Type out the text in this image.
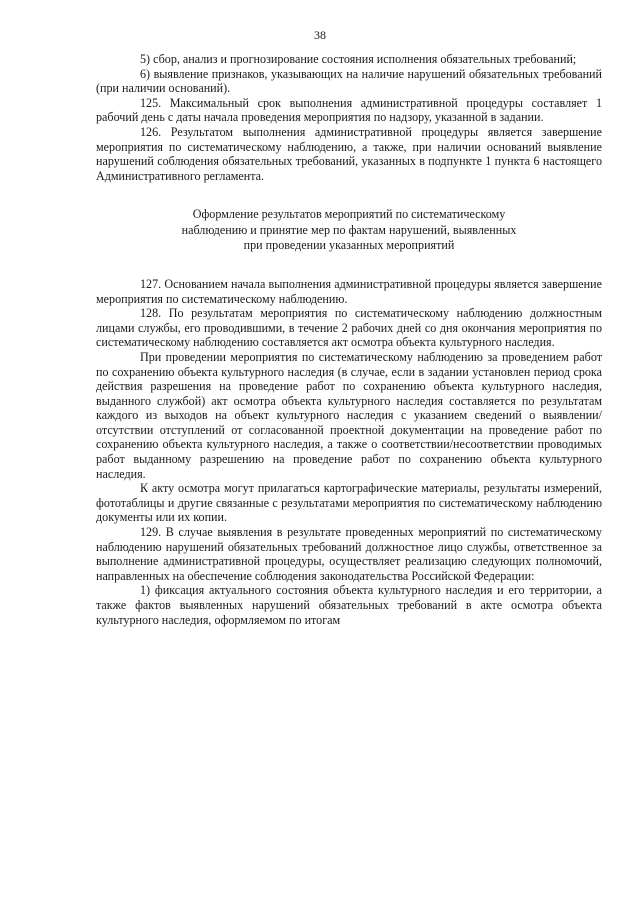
38

5) сбор, анализ и прогнозирование состояния исполнения обязательных требований;

6) выявление признаков, указывающих на наличие нарушений обязательных требований (при наличии оснований).

125. Максимальный срок выполнения административной процедуры составляет 1 рабочий день с даты начала проведения мероприятия по надзору, указанной в задании.

126. Результатом выполнения административной процедуры является завершение мероприятия по систематическому наблюдению, а также, при наличии оснований выявление нарушений соблюдения обязательных требований, указанных в подпункте 1 пункта 6 настоящего Административного регламента.

Оформление результатов мероприятий по систематическому
наблюдению и принятие мер по фактам нарушений, выявленных
при проведении указанных мероприятий

127. Основанием начала выполнения административной процедуры является завершение мероприятия по систематическому наблюдению.

128. По результатам мероприятия по систематическому наблюдению должностным лицами службы, его проводившими, в течение 2 рабочих дней со дня окончания мероприятия по систематическому наблюдению составляется акт осмотра объекта культурного наследия.

При проведении мероприятия по систематическому наблюдению за проведением работ по сохранению объекта культурного наследия (в случае, если в задании установлен период срока действия разрешения на проведение работ по сохранению объекта культурного наследия, выданного службой) акт осмотра объекта культурного наследия составляется по результатам каждого из выходов на объект культурного наследия с указанием сведений о выявлении/отсутствии отступлений от согласованной проектной документации на проведение работ по сохранению объекта культурного наследия, а также о соответствии/несоответствии проводимых работ выданному разрешению на проведение работ по сохранению объекта культурного наследия.

К акту осмотра могут прилагаться картографические материалы, результаты измерений, фототаблицы и другие связанные с результатами мероприятия по систематическому наблюдению документы или их копии.

129. В случае выявления в результате проведенных мероприятий по систематическому наблюдению нарушений обязательных требований должностное лицо службы, ответственное за выполнение административной процедуры, осуществляет реализацию следующих полномочий, направленных на обеспечение соблюдения законодательства Российской Федерации:

1) фиксация актуального состояния объекта культурного наследия и его территории, а также фактов выявленных нарушений обязательных требований в акте осмотра объекта культурного наследия, оформляемом по итогам
